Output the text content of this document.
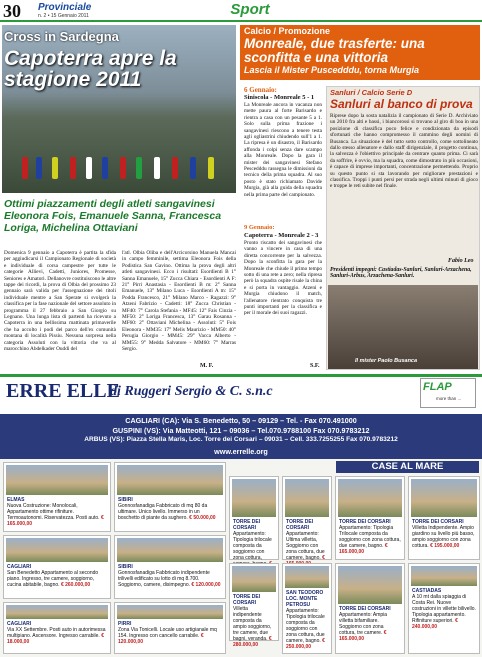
30 Provinciale
n. 2 • 15 Gennaio 2011	Sport
Cross in Sardegna
Capoterra apre la stagione 2011
Ottimi piazzamenti degli atleti sangavinesi Eleonora Fois, Emanuele Sanna, Francesca Loriga, Michelina Ottaviani
Domenica 9 gennaio a Capoterra è partita la sfida per aggiudicarsi il Campionato Regionale di società e individuale di corsa campestre per tutte le categorie Allievi, Cadetti, Juniores, Promesse, Seniores e Amatori. Dellanovre costituiscono le altre tappe dei ricordi, la prova di Olbia del prossimo 23 gennaio sarà valida per l'assegnazione dei titoli individuale mentre a San Sperate si svolgerà la classifica per la fase nazionale del settore assoluto in programma il 27 febbraio a San Giorgio su Legnano. Una lunga lista di partenti ha ricevuto a Capoterra in una bellissima mattinata primaverile che ha accolto i podi del parco dell'ex comunità montana di località Pissiu. Nessuna sorpresa nella categoria Assoluti con la vittoria che va al marocchino Abdelkader Ouddi del
l'atl. Olbia Oliba e dell'Arcicorsino Manuela Mancai in campo femminile, settima Eleonora Fois della Podistica San Gavino. Ottima la prova degli altri atleti sangavinesi. Ecco i risultati: Esordienti B 1° Sanna Emanuele, 15° Zucca Chiara - Esordienti A F: 21° Pirri Anastasia - Esordienti B m: 2° Sanna Emanuele, 13° Milano Luca - Esordienti A m: 15° Podda Francesco, 21° Milano Marco - Ragazzi: 9° Atzeni Fabrizio - Cadetti: 18° Zucca Christian - MF40: 7° Carola Stefania - MF45: 12° Fais Cinzia - MF50: 2° Loriga Francesca, 13° Garau Rosanna - MF60: 2° Ottaviani Michelina - Assoluti: 5° Fois Eleonora - MM35: 17° Melis Maurizio - MM50: 40° Perugia Giorgio - MM45: 29° Vacca Alberto - MM55: 9° Medda Salvatore - MM60: 7° Marras Sergio.
M. F.
Calcio / Promozione
Monreale, due trasferte: una sconfitta e una vittoria
Lascia il Mister Puscedddu, torna Murgia
6 Gennaio:
Siniscola - Monreale 5 - 1
La Monreale ancora in vacanza non mette paura al forte Barisardo e rientra a casa con un pesante 5 a 1. Solo sulla prima frazione i sangavinesi riescono a tenere testa agli ogliastrini chiudendo sull'1 a 1. La ripresa è un disastro, il Barisardo affonda i colpi senza dare scampo alla Monreale. Dopo la gara il mister dei sangavinesi Stefano Pescedddu rassegna le dimissioni da tecnico della prima squadra. Al suo posto è stato richiamato Davide Murgia, già alla guida della squadra nella prima parte del campionato.
9 Gennaio:
Capoterra - Monreale 2 - 3
Pronto riscatto dei sangavinesi che vanno a vincere in casa di una diretta concorrente per la salvezza. Dopo la sconfitta la gara per la Monreale che chiude il primo tempo sotto di una rete a zero; nella ripresa però la squadra ospite risale la china e si porta in vantaggio. Atzeni e Murgia chiudono il match, l'allenatore rientrato conquista tre punti importanti per la classifica e per il morale dei suoi ragazzi.
S.F.
Sanluri / Calcio Serie D
Sanluri al banco di prova
Riprese dopo la sosta natalizia il campionato di Serie D. Archiviato un 2010 fra alti e bassi, i biancorossi si trovano al giro di boa in una posizione di classifica poco felice e condizionata da episodi sfortunati che hanno compromesso il cammino degli uomini di Busanca. La situazione è del tutto sotto controllo, come sottolineato dallo stesso allenatore e dallo staff dirigenziale, il progetto continua, la salvezza è l'obiettivo principale da centrare quanto prima. Ci sarà da soffrire, è ovvio, ma la squadra, come dimostrato in più occasioni, è capace di imprese importanti, concentrazione permettendo. Proprio su questo punto si sta lavorando per migliorare prestazioni e classifica. Troppi i punti persi per strada negli ultimi minuti di gioco e troppe le reti subite nel finale.
Fabio Leo
Presidenti impegni: Castiadas-Sanluri, Sanluri-Arzachena, Sanluri-Arbus, Arzachena-Sanluri.
Il mister Paolo Busanca
ERRE ELLE
di Ruggeri Sergio & C. s.n.c	FLAP
more than ...
CAGLIARI (CA): Via S. Benedetto, 50 – 09129 – Tel. - Fax 070.491000
GUSPINI (VS): Via Matteotti, 121 – 09036 – Tel.070.9788100 Fax 070.9783212
ARBUS (VS): Piazza Stella Maris, Loc. Torre dei Corsari – 09031 – Cell. 333.7255255 Fax 070.9783212
www.errelle.org
CASE AL MARE
ELMAS
Nuova Costruzione: Monolocali, Appartamento ottime rifiniture. Termoautonomi. Riservatezza. Posti auto. € 165.000,00
SIBIRI
Gonnosfanadiga Fabbricato di mq 80 da ultimare. Unico livello. Immerso in un boschetto di piante da sughero. € 50.000,00
CAGLIARI
San Benedetto Appartamento al secondo piano. Ingresso, tre camere, soggiorno, cucina abitabile, bagno. € 260.000,00
SIBIRI
Gonnosfanadiga Fabbricato indipendente trilivelli edificato su lotto di mq 8.700. Soggiorno, camere, disimpegno. € 120.000,00
CAGLIARI
Via XX Settembre. Posti auto in autorimessa multipiano. Ascensore. Ingresso carrabile. € 18.000,00
PIRRI
Zona Via Tonicelli. Locale uso artigianale mq 154. Ingresso con cancello carrabile. € 120.000,00
TORRE DEI CORSARI
Appartamento: Tipologia trilocale composta da soggiorno con zona cottura,
TORRE DEI CORSARI
Appartamento: Ultima villetta, Soggiorno con zona cottura, due camere, bagno. €
TORRE DEI CORSARI
Appartamento: Tipologia Trilocale composta da soggiorno con zona cottura, due camere, bagno. € 165.000,00
TORRE DEI CORSARI
Villetta indipendente composta da ampio soggiorno, tre camere, due bagni, veranda. € 280.000,00
TORRE DEI CORSARI
Villetta Indipendente. Ampio giardino su livello più basso, ampio soggiorno con zona cottura. € 195.000,00
CASTIADAS
A 10 mt dalla spiaggia di Costa Rei. Nuove costruzioni in villette bilivello. Tipologia appartamento. Rifiniture superiori. € 240.000,00
SAN TEODORO LOC. MONTE PETROSU
Appartamento: Tipologia trilocale composta da soggiorno con zona cottura, due camere, bagno. € 250.000,00
TORRE DEI CORSARI
Appartamento: Ampia villetta bifamiliare. Soggiorno con zona cottura, tre camere. € 165.000,00
